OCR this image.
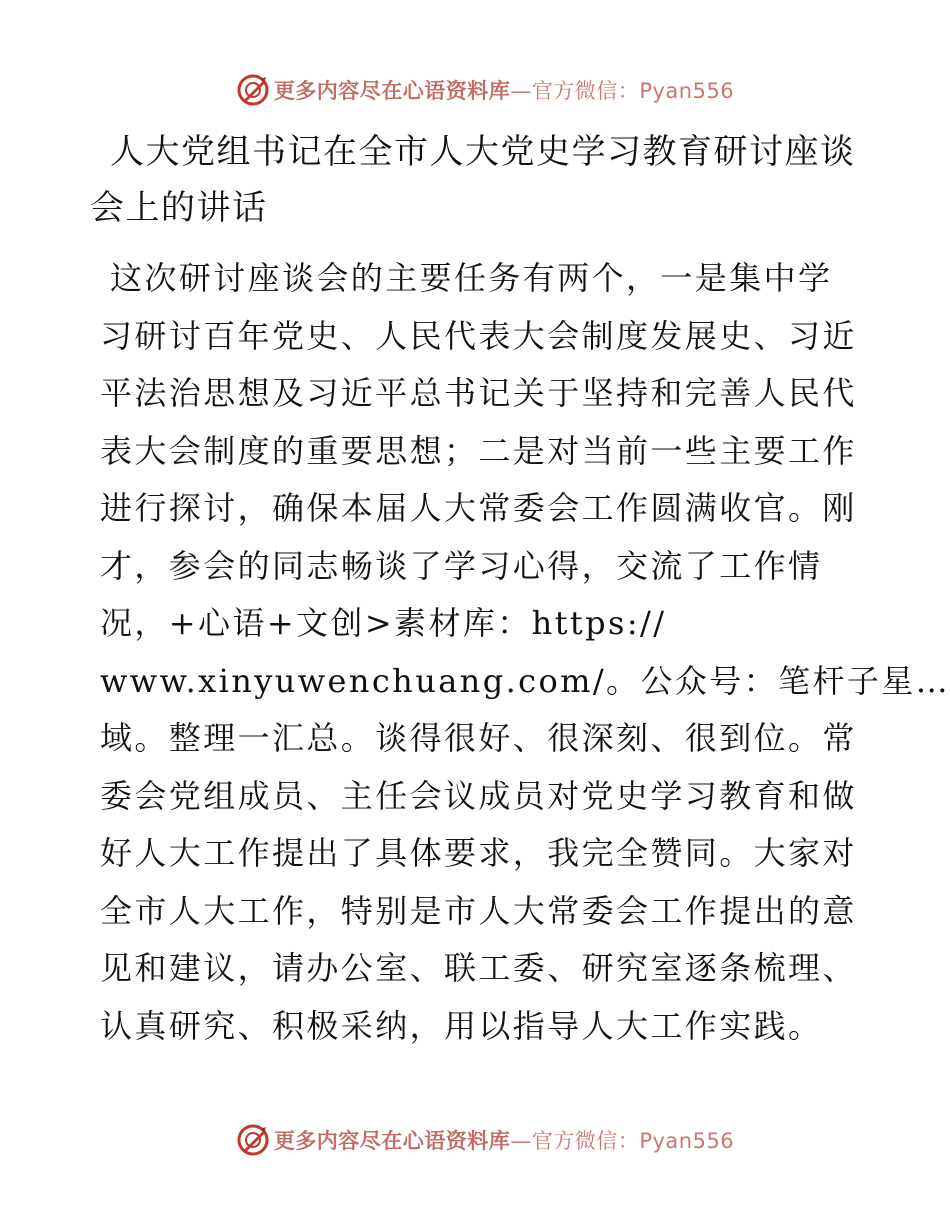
更多内容尽在心语资料库—官方微信：Pyan556
人大党组书记在全市人大党史学习教育研讨座谈
会上的讲话
这次研讨座谈会的主要任务有两个，一是集中学
习研讨百年党史、人民代表大会制度发展史、习近
平法治思想及习近平总书记关于坚持和完善人民代
表大会制度的重要思想；二是对当前一些主要工作
进行探讨，确保本届人大常委会工作圆满收官。刚
才，参会的同志畅谈了学习心得，交流了工作情
况，+心语+文创>素材库：https://
www.xinyuwenchuang.com/。公众号：笔杆子星…
域。整理一汇总。谈得很好、很深刻、很到位。常
委会党组成员、主任会议成员对党史学习教育和做
好人大工作提出了具体要求，我完全赞同。大家对
全市人大工作，特别是市人大常委会工作提出的意
见和建议，请办公室、联工委、研究室逐条梳理、
认真研究、积极采纳，用以指导人大工作实践。
更多内容尽在心语资料库—官方微信：Pyan556
